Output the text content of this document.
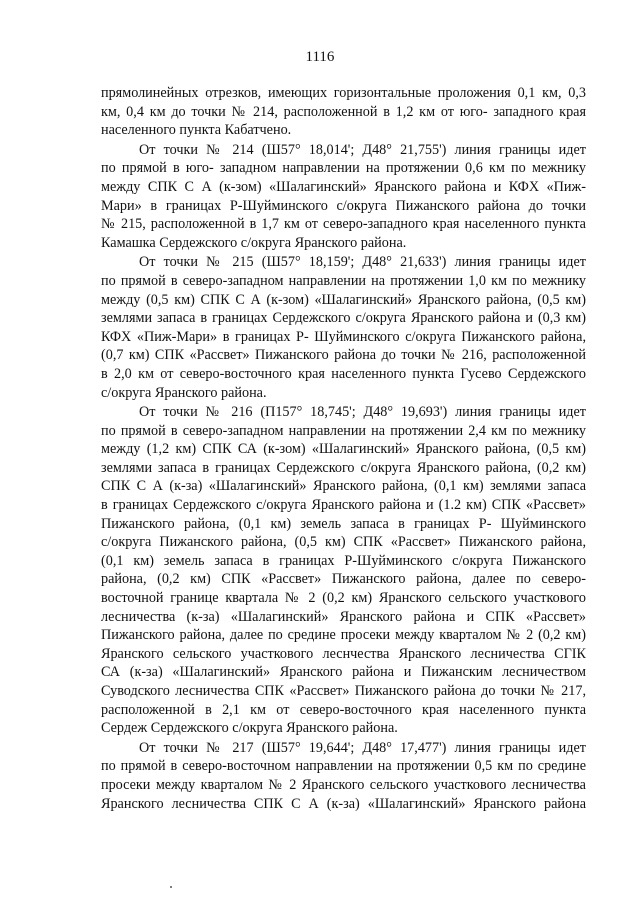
1116
прямолинейных отрезков, имеющих горизонтальные проложения 0,1 км, 0,3
км, 0,4 км до точки № 214, расположенной в 1,2 км от юго- западного края
населенного пункта Кабатчено.
От точки № 214 (Ш57° 18,014'; Д48° 21,755') линия границы идет
по прямой в юго- западном направлении на протяжении 0,6 км по межнику
между СПК С А (к-зом) «Шалагинский» Яранского района и КФХ «Пиж-
Мари» в границах Р-Шуйминского с/округа Пижанского района до точки
№ 215, расположенной в 1,7 км от северо-западного края населенного пункта
Камашка Сердежского с/округа Яранского района.
От точки № 215 (Ш57° 18,159'; Д48° 21,633') линия границы идет
по прямой в северо-западном направлении на протяжении 1,0 км по межнику
между (0,5 км) СПК С А (к-зом) «Шалагинский» Яранского района, (0,5 км)
землями запаса в границах Сердежского с/округа Яранского района и (0,3 км)
КФХ «Пиж-Мари» в границах Р- Шуйминского с/округа Пижанского района,
(0,7 км) СПК «Рассвет» Пижанского района до точки № 216, расположенной
в 2,0 км от северо-восточного края населенного пункта Гусево Сердежского
с/округа Яранского района.
От точки № 216 (П157° 18,745'; Д48° 19,693') линия границы идет
по прямой в северо-западном направлении на протяжении 2,4 км по межнику
между (1,2 км) СПК СА (к-зом) «Шалагинский» Яранского района, (0,5 км)
землями запаса в границах Сердежского с/округа Яранского района, (0,2 км)
СПК С А (к-за) «Шалагинский» Яранского района, (0,1 км) землями запаса
в границах Сердежского с/округа Яранского района и (1.2 км) СПК «Рассвет»
Пижанского района, (0,1 км) земель запаса в границах Р- Шуйминского
с/округа Пижанского района, (0,5 км) СПК «Рассвет» Пижанского района,
(0,1 км) земель запаса в границах Р-Шуйминского с/округа Пижанского
района, (0,2 км) СПК «Рассвет» Пижанского района, далее по северо-
восточной границе квартала № 2 (0,2 км) Яранского сельского участкового
лесничества (к-за) «Шалагинский» Яранского района и СПК «Рассвет»
Пижанского района, далее по средине просеки между кварталом № 2 (0,2 км)
Яранского сельского участкового леснчества Яранского лесничества СГІК
СА (к-за) «Шалагинский» Яранского района и Пижанским лесничеством
Суводского лесничества СПК «Рассвет» Пижанского района до точки № 217,
расположенной в 2,1 км от северо-восточного края населенного пункта
Сердеж Сердежского с/округа Яранского района.
От точки № 217 (Ш57° 19,644'; Д48° 17,477') линия границы идет
по прямой в северо-восточном направлении на протяжении 0,5 км по средине
просеки между кварталом № 2 Яранского сельского участкового лесничества
Яранского лесничества СПК С А (к-за) «Шалагинский» Яранского района
